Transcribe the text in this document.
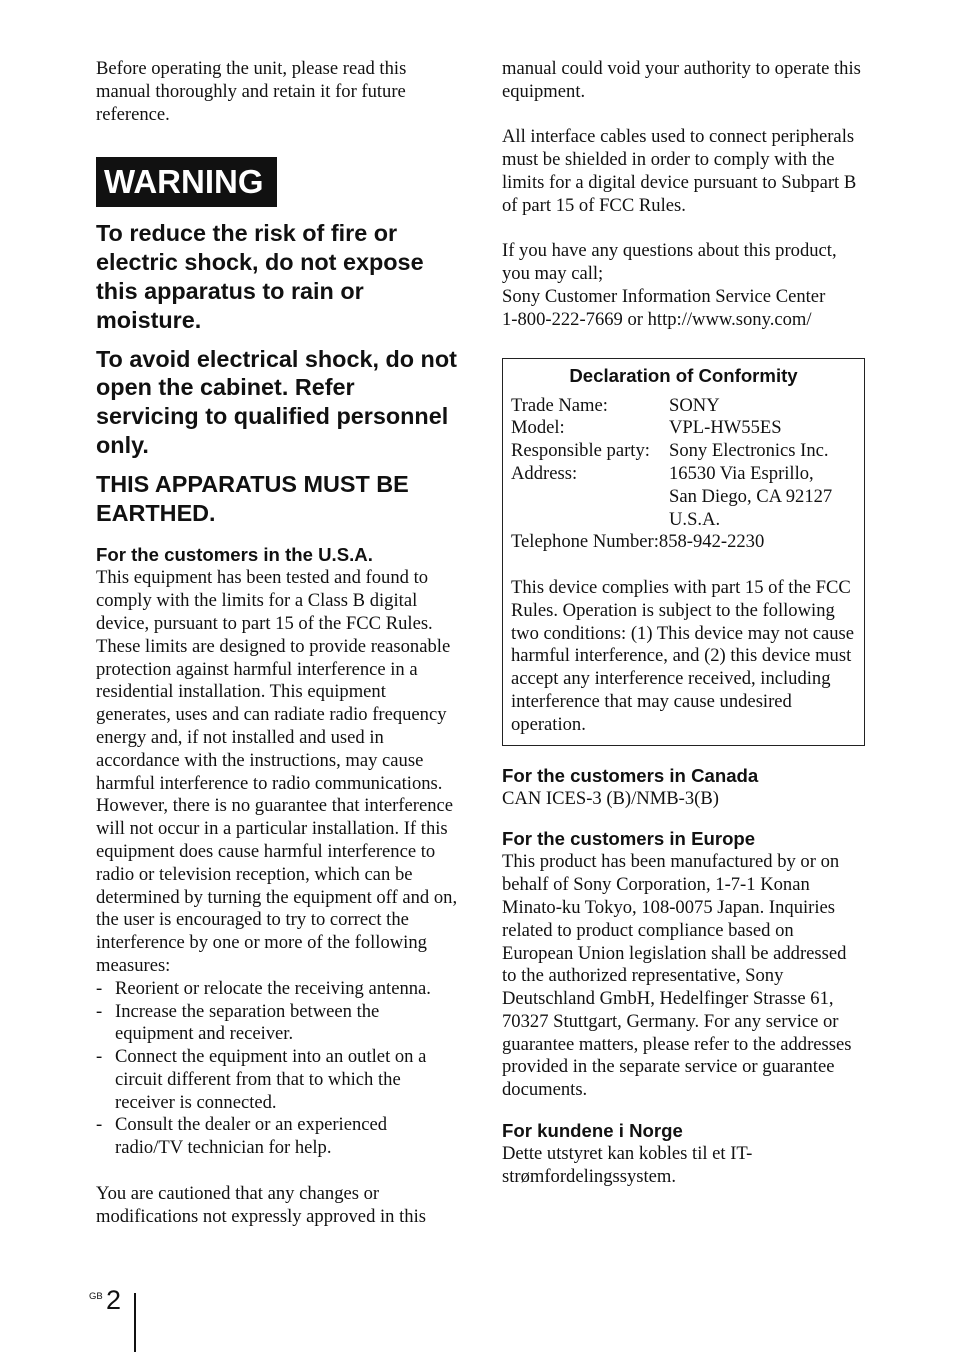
Before operating the unit, please read this manual thoroughly and retain it for future reference.

WARNING

To reduce the risk of fire or electric shock, do not expose this apparatus to rain or moisture.

To avoid electrical shock, do not open the cabinet. Refer servicing to qualified personnel only.

THIS APPARATUS MUST BE EARTHED.

For the customers in the U.S.A.

This equipment has been tested and found to comply with the limits for a Class B digital device, pursuant to part 15 of the FCC Rules. These limits are designed to provide reasonable protection against harmful interference in a residential installation. This equipment generates, uses and can radiate radio frequency energy and, if not installed and used in accordance with the instructions, may cause harmful interference to radio communications. However, there is no guarantee that interference will not occur in a particular installation. If this equipment does cause harmful interference to radio or television reception, which can be determined by turning the equipment off and on, the user is encouraged to try to correct the interference by one or more of the following measures:

- Reorient or relocate the receiving antenna.
- Increase the separation between the equipment and receiver.
- Connect the equipment into an outlet on a circuit different from that to which the receiver is connected.
- Consult the dealer or an experienced radio/TV technician for help.

You are cautioned that any changes or modifications not expressly approved in this

manual could void your authority to operate this equipment.

All interface cables used to connect peripherals must be shielded in order to comply with the limits for a digital device pursuant to Subpart B of part 15 of FCC Rules.

If you have any questions about this product, you may call;

Sony Customer Information Service Center

1-800-222-7669 or http://www.sony.com/

Declaration of Conformity

Trade Name:	SONY
Model:	VPL-HW55ES
Responsible party:	Sony Electronics Inc.
Address:	16530 Via Esprillo,
San Diego, CA 92127
U.S.A.

Telephone Number:858-942-2230

This device complies with part 15 of the FCC Rules. Operation is subject to the following two conditions: (1) This device may not cause harmful interference, and (2) this device must accept any interference received, including interference that may cause undesired operation.

For the customers in Canada

CAN ICES-3 (B)/NMB-3(B)

For the customers in Europe

This product has been manufactured by or on behalf of Sony Corporation, 1-7-1 Konan Minato-ku Tokyo, 108-0075 Japan. Inquiries related to product compliance based on European Union legislation shall be addressed to the authorized representative, Sony Deutschland GmbH, Hedelfinger Strasse 61, 70327 Stuttgart, Germany. For any service or guarantee matters, please refer to the addresses provided in the separate service or guarantee documents.

For kundene i Norge

Dette utstyret kan kobles til et IT-strømfordelingssystem.

GB 2
